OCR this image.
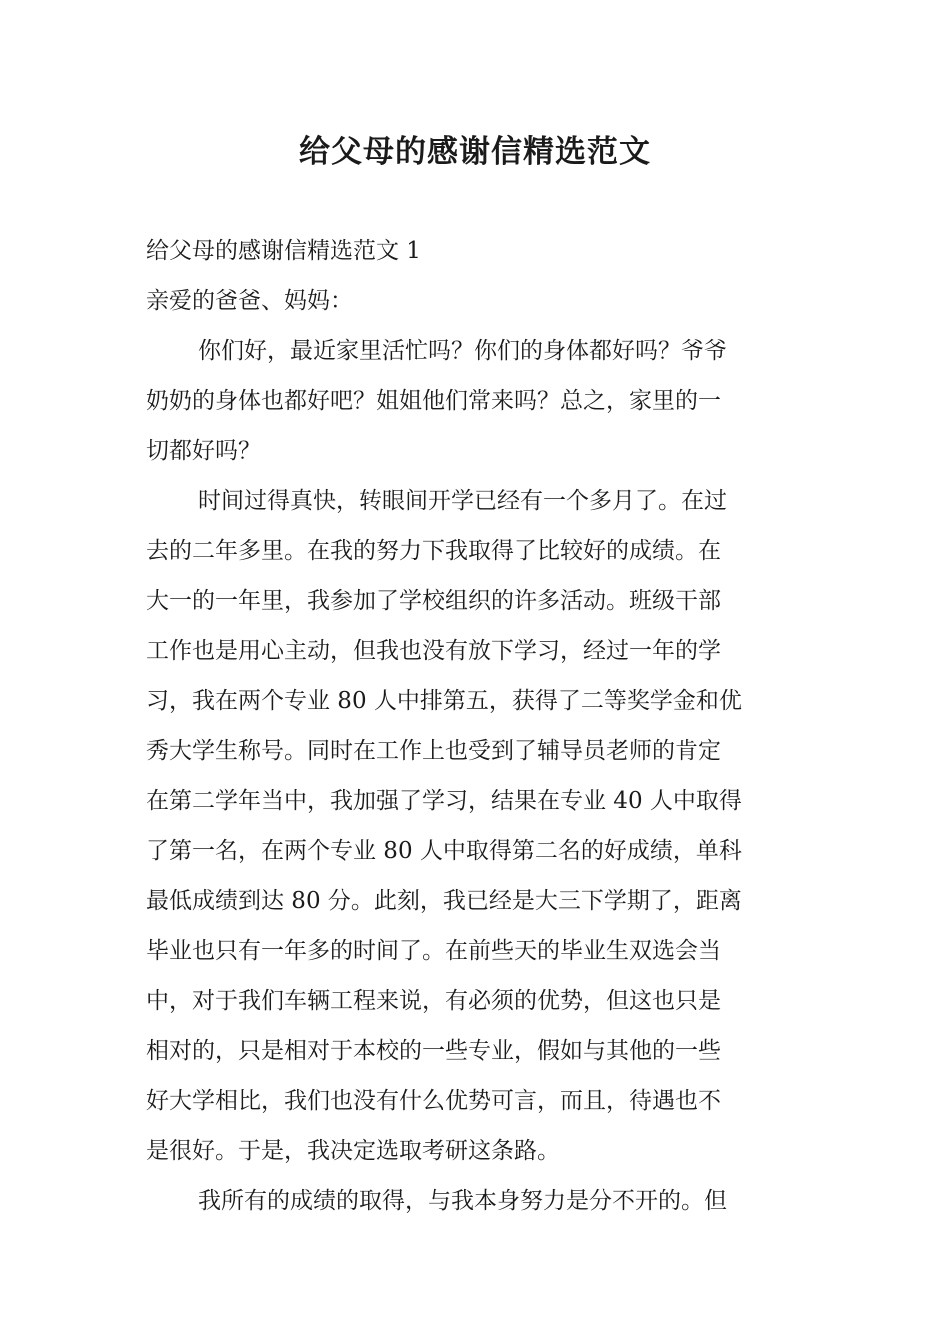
给父母的感谢信精选范文
给父母的感谢信精选范文 1
亲爱的爸爸、妈妈：
你们好，最近家里活忙吗？你们的身体都好吗？爷爷
奶奶的身体也都好吧？姐姐他们常来吗？总之，家里的一
切都好吗？
时间过得真快，转眼间开学已经有一个多月了。在过
去的二年多里。在我的努力下我取得了比较好的成绩。在
大一的一年里，我参加了学校组织的许多活动。班级干部
工作也是用心主动，但我也没有放下学习，经过一年的学
习，我在两个专业 80 人中排第五，获得了二等奖学金和优
秀大学生称号。同时在工作上也受到了辅导员老师的肯定
在第二学年当中，我加强了学习，结果在专业 40 人中取得
了第一名，在两个专业 80 人中取得第二名的好成绩，单科
最低成绩到达 80 分。此刻，我已经是大三下学期了，距离
毕业也只有一年多的时间了。在前些天的毕业生双选会当
中，对于我们车辆工程来说，有必须的优势，但这也只是
相对的，只是相对于本校的一些专业，假如与其他的一些
好大学相比，我们也没有什么优势可言，而且，待遇也不
是很好。于是，我决定选取考研这条路。
我所有的成绩的取得，与我本身努力是分不开的。但
